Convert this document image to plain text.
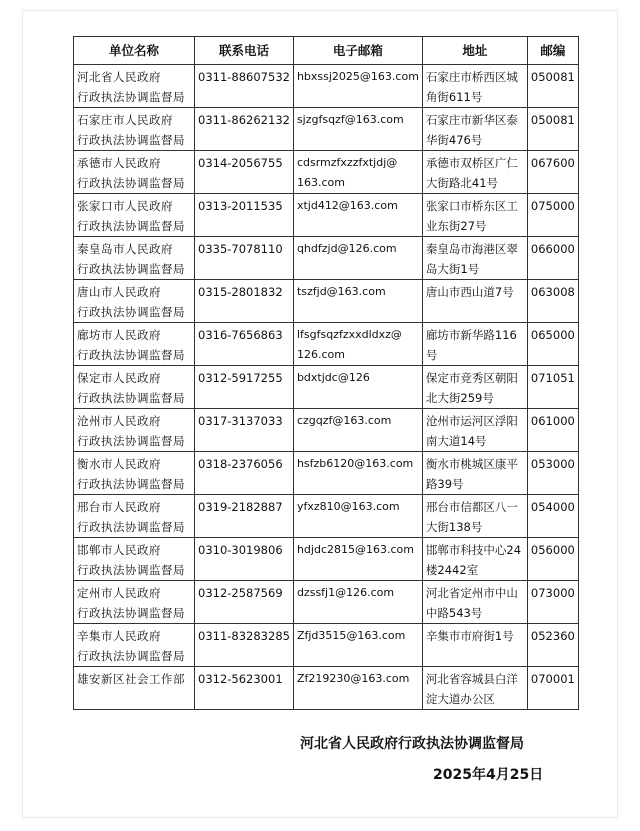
单位名称	联系电话	电子邮箱	地址	邮编

河北省人民政府
行政执法协调监督局	0311-88607532	hbxssj2025@163.com	石家庄市桥西区城
角街611号	050081

石家庄市人民政府
行政执法协调监督局	0311-86262132	sjzgfsqzf@163.com	石家庄市新华区泰
华街476号	050081

承德市人民政府
行政执法协调监督局	0314-2056755	cdsrmzfxzzfxtjdj@
163.com	承德市双桥区广仁
大街路北41号	067600

张家口市人民政府
行政执法协调监督局	0313-2011535	xtjd412@163.com	张家口市桥东区工
业东街27号	075000

秦皇岛市人民政府
行政执法协调监督局	0335-7078110	qhdfzjd@126.com	秦皇岛市海港区翠
岛大街1号	066000

唐山市人民政府
行政执法协调监督局	0315-2801832	tszfjd@163.com	唐山市西山道7号	063008

廊坊市人民政府
行政执法协调监督局	0316-7656863	lfsgfsqzfzxxdldxz@
126.com	廊坊市新华路116
号	065000

保定市人民政府
行政执法协调监督局	0312-5917255	bdxtjdc@126	保定市竞秀区朝阳
北大街259号	071051

沧州市人民政府
行政执法协调监督局	0317-3137033	czgqzf@163.com	沧州市运河区浮阳
南大道14号	061000

衡水市人民政府
行政执法协调监督局	0318-2376056	hsfzb6120@163.com	衡水市桃城区康平
路39号	053000

邢台市人民政府
行政执法协调监督局	0319-2182887	yfxz810@163.com	邢台市信都区八一
大街138号	054000

邯郸市人民政府
行政执法协调监督局	0310-3019806	hdjdc2815@163.com	邯郸市科技中心24
楼2442室	056000

定州市人民政府
行政执法协调监督局	0312-2587569	dzssfj1@126.com	河北省定州市中山
中路543号	073000

辛集市人民政府
行政执法协调监督局	0311-83283285	Zfjd3515@163.com	辛集市市府街1号	052360

雄安新区社会工作部	0312-5623001	Zf219230@163.com	河北省容城县白洋
淀大道办公区	070001
河北省人民政府行政执法协调监督局
2025年4月25日
